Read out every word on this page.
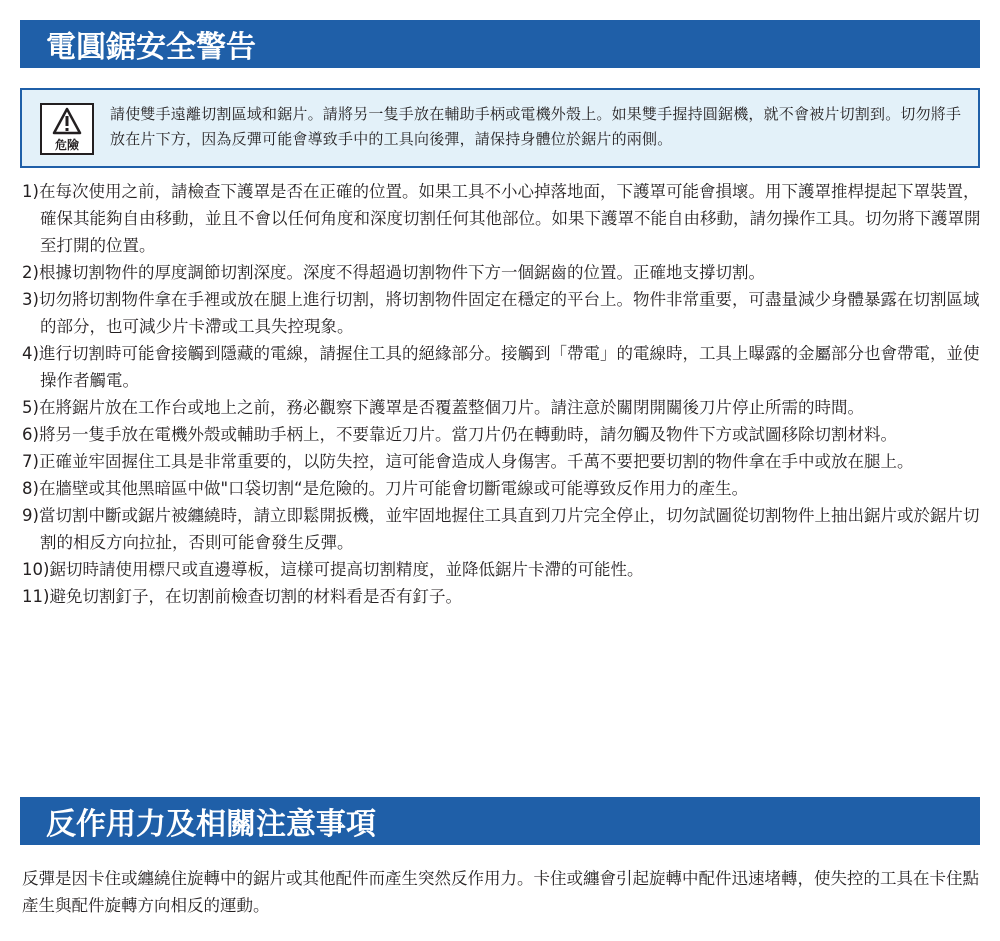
電圓鋸安全警告
危險
請使雙手遠離切割區域和鋸片。請將另一隻手放在輔助手柄或電機外殼上。如果雙手握持圓鋸機，就不會被片切割到。切勿將手放在片下方，因為反彈可能會導致手中的工具向後彈，請保持身體位於鋸片的兩側。
1)在每次使用之前，請檢查下護罩是否在正確的位置。如果工具不小心掉落地面，下護罩可能會損壞。用下護罩推桿提起下罩裝置，確保其能夠自由移動，並且不會以任何角度和深度切割任何其他部位。如果下護罩不能自由移動，請勿操作工具。切勿將下護罩開至打開的位置。
2)根據切割物件的厚度調節切割深度。深度不得超過切割物件下方一個鋸齒的位置。正確地支撐切割。
3)切勿將切割物件拿在手裡或放在腿上進行切割，將切割物件固定在穩定的平台上。物件非常重要，可盡量減少身體暴露在切割區域的部分，也可減少片卡滯或工具失控現象。
4)進行切割時可能會接觸到隱藏的電線，請握住工具的絕緣部分。接觸到「帶電」的電線時，工具上曝露的金屬部分也會帶電，並使操作者觸電。
5)在將鋸片放在工作台或地上之前，務必觀察下護罩是否覆蓋整個刀片。請注意於關閉開關後刀片停止所需的時間。
6)將另一隻手放在電機外殼或輔助手柄上，不要靠近刀片。當刀片仍在轉動時，請勿觸及物件下方或試圖移除切割材料。
7)正確並牢固握住工具是非常重要的，以防失控，這可能會造成人身傷害。千萬不要把要切割的物件拿在手中或放在腿上。
8)在牆壁或其他黑暗區中做"口袋切割“是危險的。刀片可能會切斷電線或可能導致反作用力的產生。
9)當切割中斷或鋸片被纏繞時，請立即鬆開扳機，並牢固地握住工具直到刀片完全停止，切勿試圖從切割物件上抽出鋸片或於鋸片切割的相反方向拉扯，否則可能會發生反彈。
10)鋸切時請使用標尺或直邊導板，這樣可提高切割精度，並降低鋸片卡滯的可能性。
11)避免切割釘子，在切割前檢查切割的材料看是否有釘子。
反作用力及相關注意事項
反彈是因卡住或纏繞住旋轉中的鋸片或其他配件而產生突然反作用力。卡住或纏會引起旋轉中配件迅速堵轉，使失控的工具在卡住點產生與配件旋轉方向相反的運動。
